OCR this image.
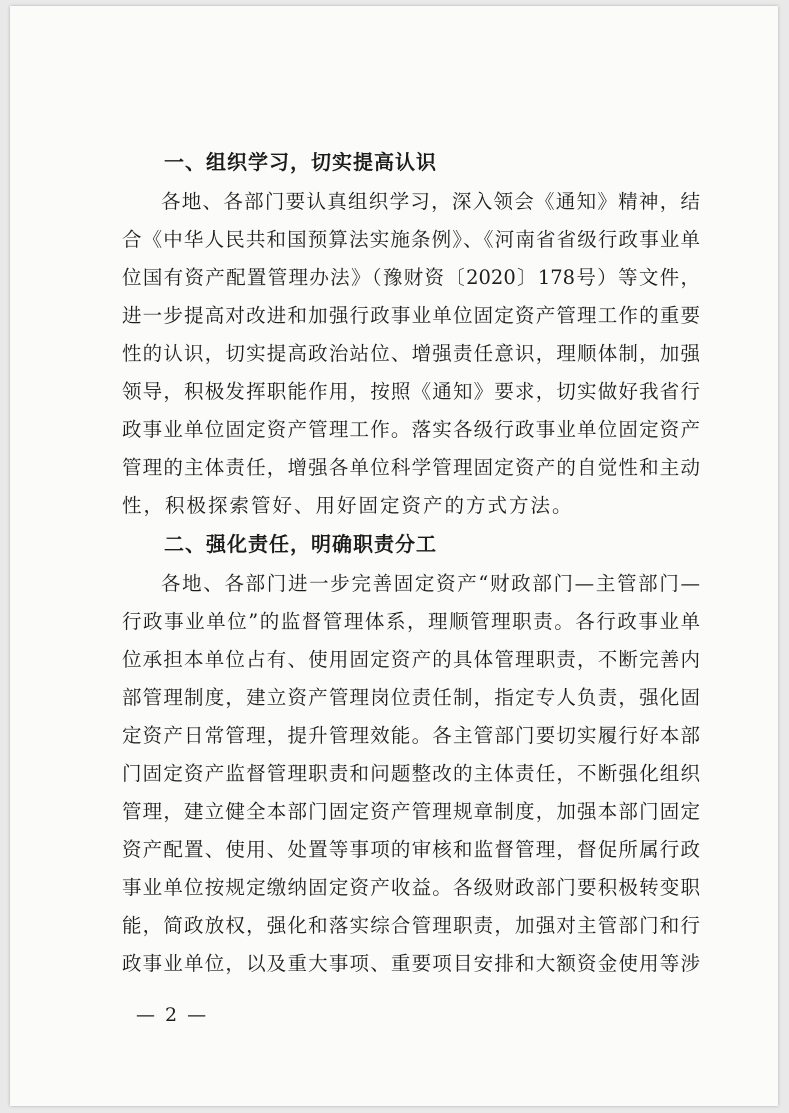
一、组织学习，切实提高认识
各地、各部门要认真组织学习，深入领会《通知》精神，结
合《中华人民共和国预算法实施条例》、《河南省省级行政事业单
位国有资产配置管理办法》（豫财资〔2020〕178号）等文件，
进一步提高对改进和加强行政事业单位固定资产管理工作的重要
性的认识，切实提高政治站位、增强责任意识，理顺体制，加强
领导，积极发挥职能作用，按照《通知》要求，切实做好我省行
政事业单位固定资产管理工作。落实各级行政事业单位固定资产
管理的主体责任，增强各单位科学管理固定资产的自觉性和主动
性，积极探索管好、用好固定资产的方式方法。
二、强化责任，明确职责分工
各地、各部门进一步完善固定资产“财政部门—主管部门—
行政事业单位”的监督管理体系，理顺管理职责。各行政事业单
位承担本单位占有、使用固定资产的具体管理职责，不断完善内
部管理制度，建立资产管理岗位责任制，指定专人负责，强化固
定资产日常管理，提升管理效能。各主管部门要切实履行好本部
门固定资产监督管理职责和问题整改的主体责任，不断强化组织
管理，建立健全本部门固定资产管理规章制度，加强本部门固定
资产配置、使用、处置等事项的审核和监督管理，督促所属行政
事业单位按规定缴纳固定资产收益。各级财政部门要积极转变职
能，简政放权，强化和落实综合管理职责，加强对主管部门和行
政事业单位，以及重大事项、重要项目安排和大额资金使用等涉
— 2 —
